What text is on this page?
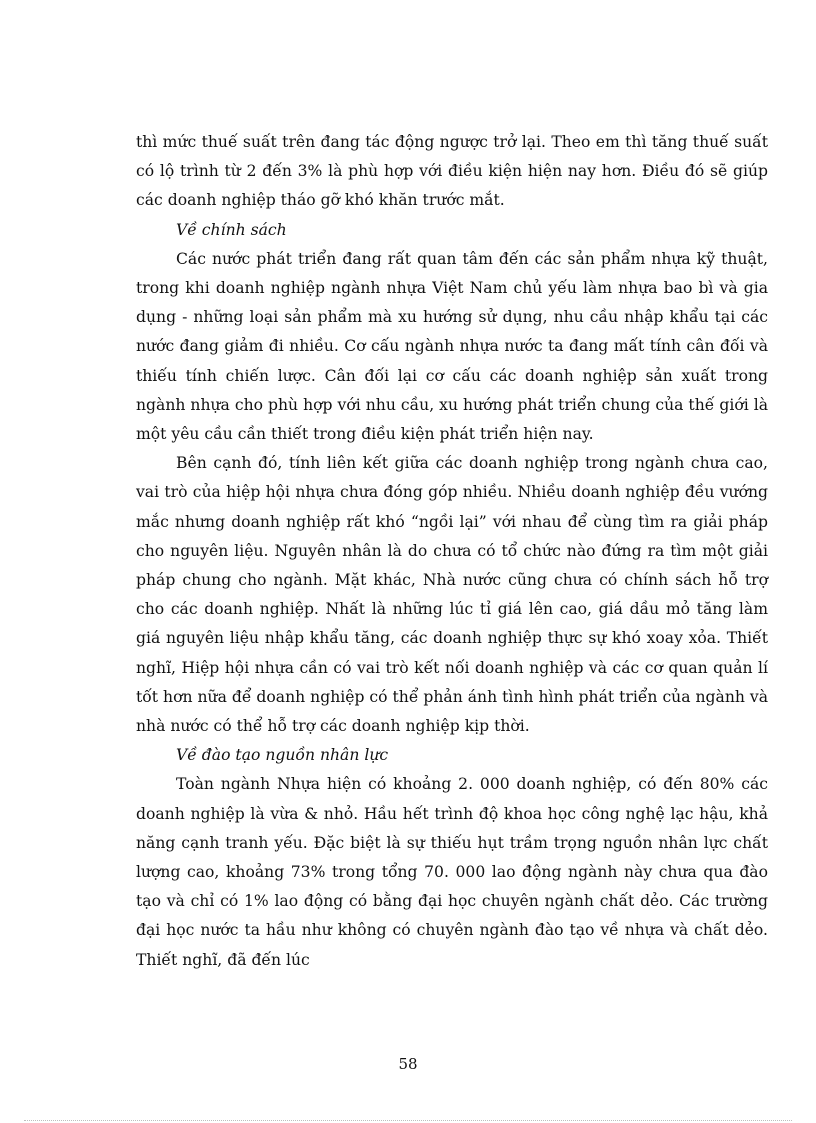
thì mức thuế suất trên đang tác động ngược trở lại. Theo em thì tăng thuế suất có lộ trình từ 2 đến 3% là phù hợp với điều kiện hiện nay hơn. Điều đó sẽ giúp các doanh nghiệp tháo gỡ khó khăn trước mắt.

Về chính sách

Các nước phát triển đang rất quan tâm đến các sản phẩm nhựa kỹ thuật, trong khi doanh nghiệp ngành nhựa Việt Nam chủ yếu làm nhựa bao bì và gia dụng - những loại sản phẩm mà xu hướng sử dụng, nhu cầu nhập khẩu tại các nước đang giảm đi nhiều. Cơ cấu ngành nhựa nước ta đang mất tính cân đối và thiếu tính chiến lược. Cân đối lại cơ cấu các doanh nghiệp sản xuất trong ngành nhựa cho phù hợp với nhu cầu, xu hướng phát triển chung của thế giới là một yêu cầu cần thiết trong điều kiện phát triển hiện nay.

Bên cạnh đó, tính liên kết giữa các doanh nghiệp trong ngành chưa cao, vai trò của hiệp hội nhựa chưa đóng góp nhiều. Nhiều doanh nghiệp đều vướng mắc nhưng doanh nghiệp rất khó “ngồi lại” với nhau để cùng tìm ra giải pháp cho nguyên liệu. Nguyên nhân là do chưa có tổ chức nào đứng ra tìm một giải pháp chung cho ngành. Mặt khác, Nhà nước cũng chưa có chính sách hỗ trợ cho các doanh nghiệp. Nhất là những lúc tỉ giá lên cao, giá dầu mỏ tăng làm giá nguyên liệu nhập khẩu tăng, các doanh nghiệp thực sự khó xoay xỏa. Thiết nghĩ, Hiệp hội nhựa cần có vai trò kết nối doanh nghiệp và các cơ quan quản lí tốt hơn nữa để doanh nghiệp có thể phản ánh tình hình phát triển của ngành và nhà nước có thể hỗ trợ các doanh nghiệp kịp thời.

Về đào tạo nguồn nhân lực

Toàn ngành Nhựa hiện có khoảng 2. 000 doanh nghiệp, có đến 80% các doanh nghiệp là vừa & nhỏ. Hầu hết trình độ khoa học công nghệ lạc hậu, khả năng cạnh tranh yếu. Đặc biệt là sự thiếu hụt trầm trọng nguồn nhân lực chất lượng cao, khoảng 73% trong tổng 70. 000 lao động ngành này chưa qua đào tạo và chỉ có 1% lao động có bằng đại học chuyên ngành chất dẻo. Các trường đại học nước ta hầu như không có chuyên ngành đào tạo về nhựa và chất dẻo. Thiết nghĩ, đã đến lúc

58
